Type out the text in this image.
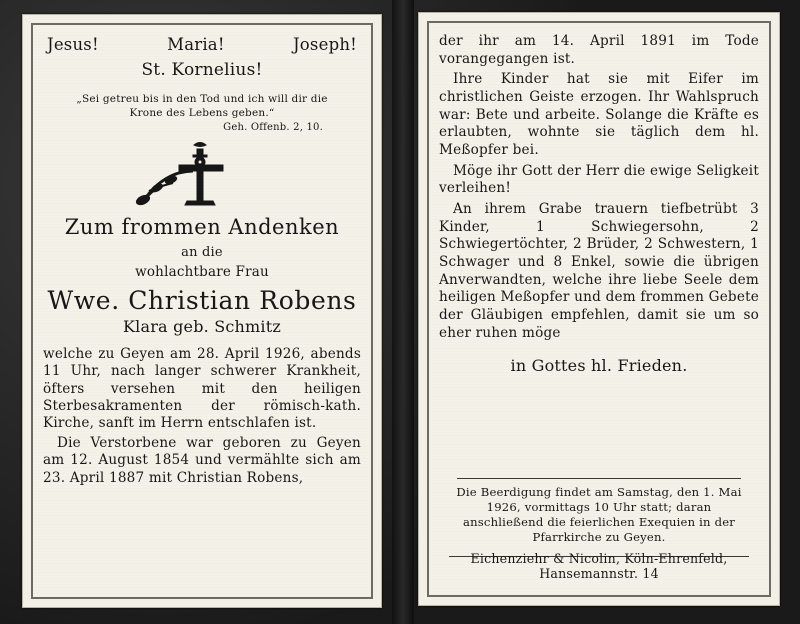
Jesus!	Maria!	Joseph!
St. Kornelius!
„Sei getreu bis in den Tod und ich will dir die Krone des Lebens geben.“
Geh. Offenb. 2, 10.
Zum frommen Andenken
an die
wohlachtbare Frau
Wwe. Christian Robens
Klara geb. Schmitz

welche zu Geyen am 28. April 1926, abends 11 Uhr, nach langer schwerer Krankheit, öfters versehen mit den heiligen Sterbesakramenten der römisch-kath. Kirche, sanft im Herrn entschlafen ist.

Die Verstorbene war geboren zu Geyen am 12. August 1854 und vermählte sich am 23. April 1887 mit Christian Robens,

der ihr am 14. April 1891 im Tode vorangegangen ist.

Ihre Kinder hat sie mit Eifer im christlichen Geiste erzogen. Ihr Wahlspruch war: Bete und arbeite. Solange die Kräfte es erlaubten, wohnte sie täglich dem hl. Meßopfer bei.

Möge ihr Gott der Herr die ewige Seligkeit verleihen!

An ihrem Grabe trauern tiefbetrübt 3 Kinder, 1 Schwiegersohn, 2 Schwiegertöchter, 2 Brüder, 2 Schwestern, 1 Schwager und 8 Enkel, sowie die übrigen Anverwandten, welche ihre liebe Seele dem heiligen Meßopfer und dem frommen Gebete der Gläubigen empfehlen, damit sie um so eher ruhen möge

in Gottes hl. Frieden.
Die Beerdigung findet am Samstag, den 1. Mai 1926, vormittags 10 Uhr statt; daran anschließend die feierlichen Exequien in der Pfarrkirche zu Geyen.
Eichenziehr & Nicolin, Köln-Ehrenfeld, Hansemannstr. 14
